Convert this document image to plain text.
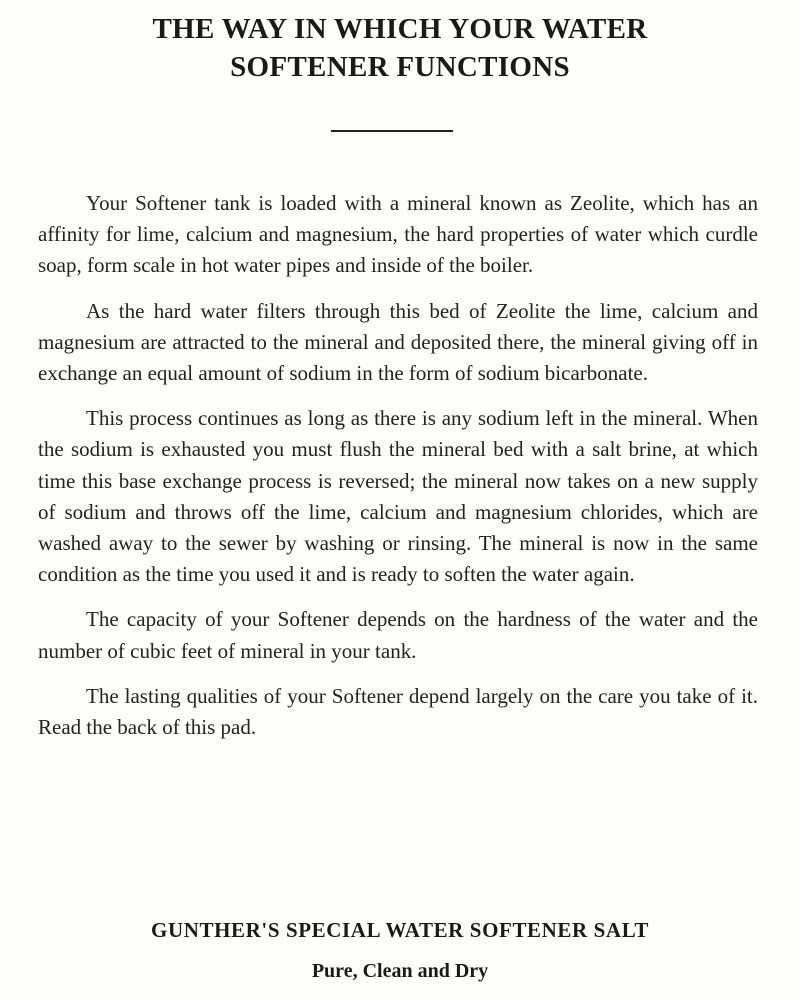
THE WAY IN WHICH YOUR WATER
SOFTENER FUNCTIONS

Your Softener tank is loaded with a mineral known as Zeolite, which has an affinity for lime, calcium and magnesium, the hard properties of water which curdle soap, form scale in hot water pipes and inside of the boiler.

As the hard water filters through this bed of Zeolite the lime, calcium and magnesium are attracted to the mineral and deposited there, the mineral giving off in exchange an equal amount of sodium in the form of sodium bicarbonate.

This process continues as long as there is any sodium left in the mineral. When the sodium is exhausted you must flush the mineral bed with a salt brine, at which time this base exchange process is reversed; the mineral now takes on a new supply of sodium and throws off the lime, calcium and magnesium chlorides, which are washed away to the sewer by washing or rinsing. The mineral is now in the same condition as the time you used it and is ready to soften the water again.

The capacity of your Softener depends on the hardness of the water and the number of cubic feet of mineral in your tank.

The lasting qualities of your Softener depend largely on the care you take of it. Read the back of this pad.

GUNTHER'S SPECIAL WATER SOFTENER SALT

Pure, Clean and Dry
